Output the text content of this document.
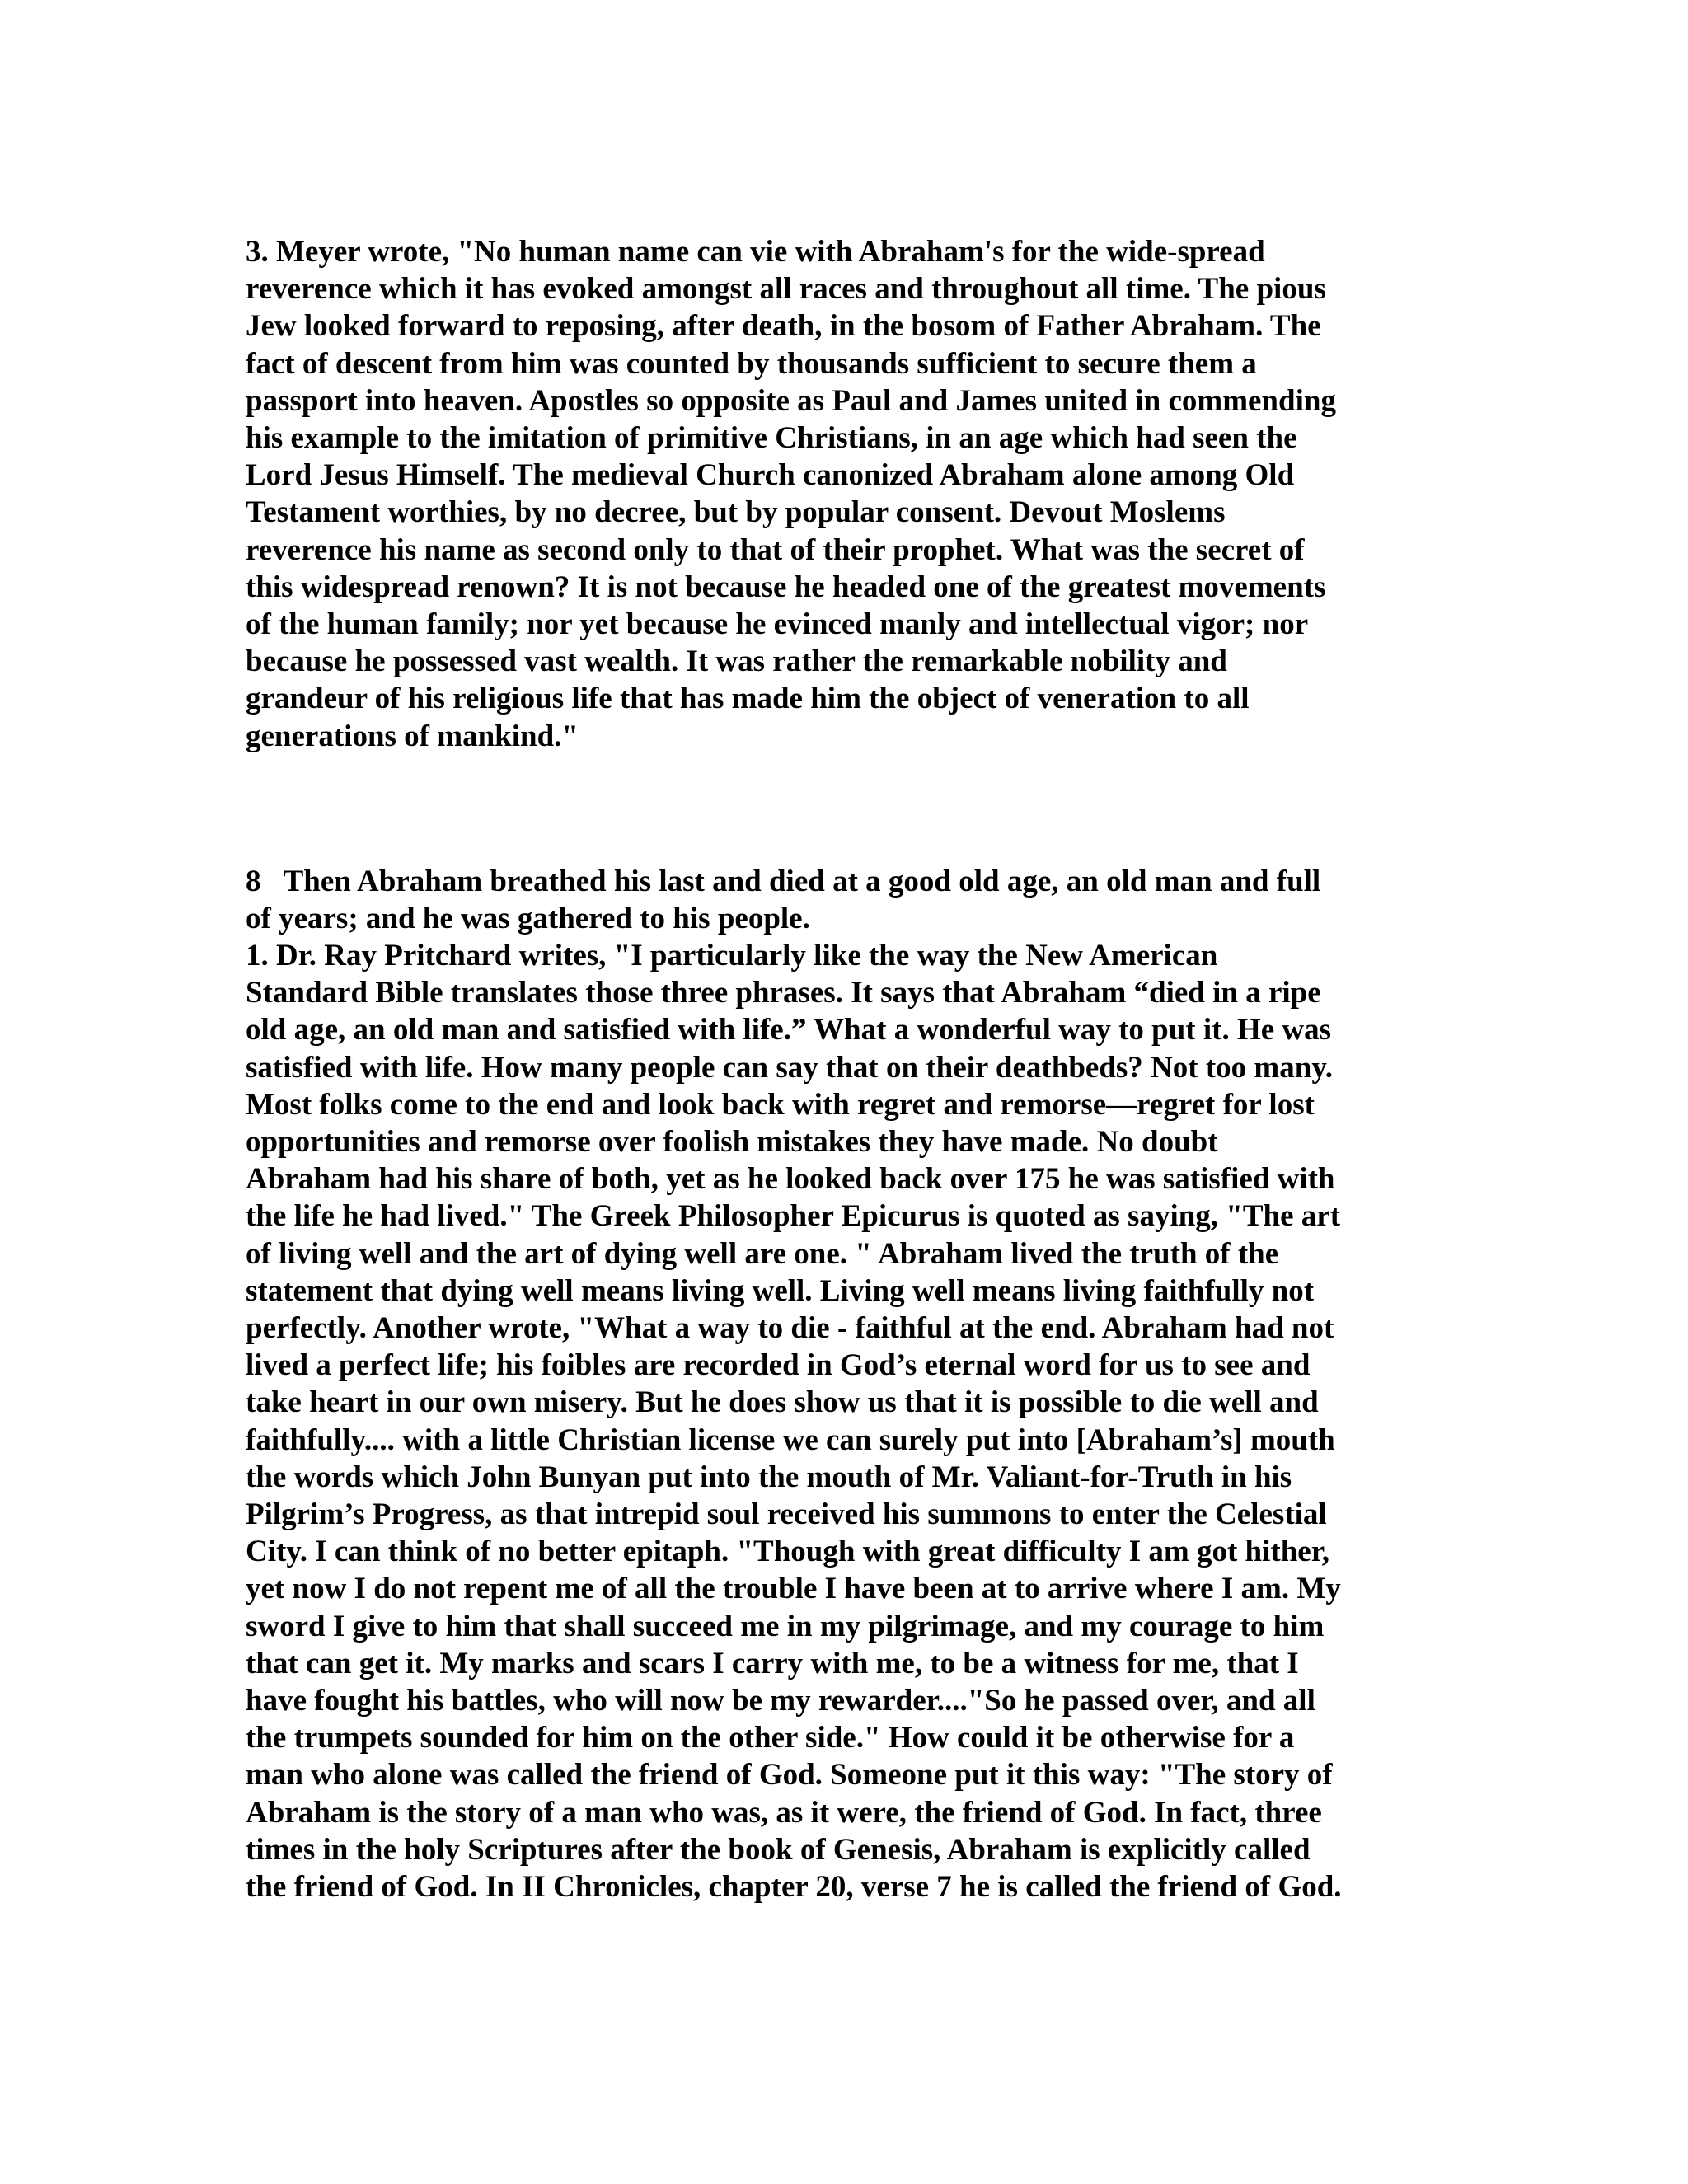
3. Meyer wrote, "No human name can vie with Abraham's for the wide-spread
reverence which it has evoked amongst all races and throughout all time. The pious
Jew looked forward to reposing, after death, in the bosom of Father Abraham. The
fact of descent from him was counted by thousands sufficient to secure them a
passport into heaven. Apostles so opposite as Paul and James united in commending
his example to the imitation of primitive Christians, in an age which had seen the
Lord Jesus Himself. The medieval Church canonized Abraham alone among Old
Testament worthies, by no decree, but by popular consent. Devout Moslems
reverence his name as second only to that of their prophet. What was the secret of
this widespread renown? It is not because he headed one of the greatest movements
of the human family; nor yet because he evinced manly and intellectual vigor; nor
because he possessed vast wealth. It was rather the remarkable nobility and
grandeur of his religious life that has made him the object of veneration to all
generations of mankind."

8   Then Abraham breathed his last and died at a good old age, an old man and full
of years; and he was gathered to his people.

1. Dr. Ray Pritchard writes, "I particularly like the way the New American
Standard Bible translates those three phrases. It says that Abraham “died in a ripe
old age, an old man and satisfied with life.” What a wonderful way to put it. He was
satisfied with life. How many people can say that on their deathbeds? Not too many.
Most folks come to the end and look back with regret and remorse—regret for lost
opportunities and remorse over foolish mistakes they have made. No doubt
Abraham had his share of both, yet as he looked back over 175 he was satisfied with
the life he had lived." The Greek Philosopher Epicurus is quoted as saying, "The art
of living well and the art of dying well are one. " Abraham lived the truth of the
statement that dying well means living well. Living well means living faithfully not
perfectly. Another wrote, "What a way to die - faithful at the end. Abraham had not
lived a perfect life; his foibles are recorded in God’s eternal word for us to see and
take heart in our own misery. But he does show us that it is possible to die well and
faithfully.... with a little Christian license we can surely put into [Abraham’s] mouth
the words which John Bunyan put into the mouth of Mr. Valiant-for-Truth in his
Pilgrim’s Progress, as that intrepid soul received his summons to enter the Celestial
City. I can think of no better epitaph. "Though with great difficulty I am got hither,
yet now I do not repent me of all the trouble I have been at to arrive where I am. My
sword I give to him that shall succeed me in my pilgrimage, and my courage to him
that can get it. My marks and scars I carry with me, to be a witness for me, that I
have fought his battles, who will now be my rewarder...."So he passed over, and all
the trumpets sounded for him on the other side." How could it be otherwise for a
man who alone was called the friend of God. Someone put it this way: "The story of
Abraham is the story of a man who was, as it were, the friend of God. In fact, three
times in the holy Scriptures after the book of Genesis, Abraham is explicitly called
the friend of God. In II Chronicles, chapter 20, verse 7 he is called the friend of God.
